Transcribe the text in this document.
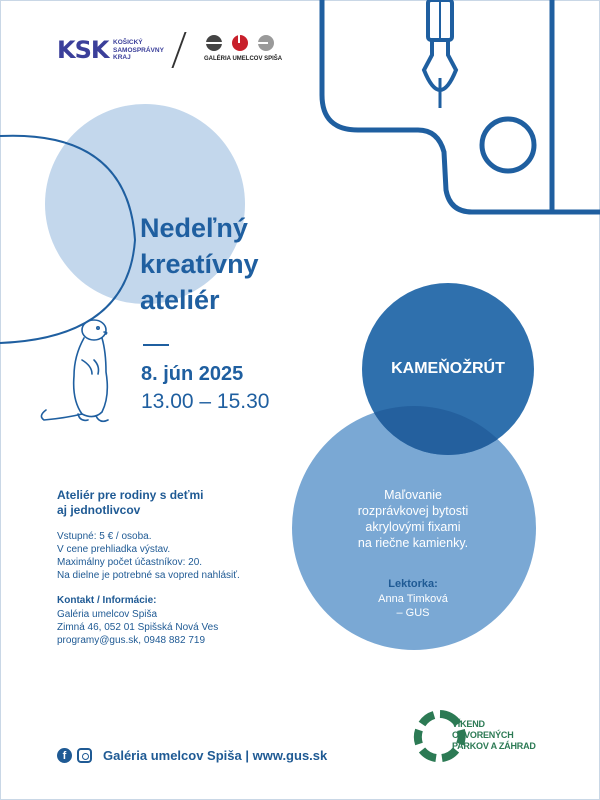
KSK KOŠICKÝ
SAMOSPRÁVNY
KRAJ	GALÉRIA UMELCOV SPIŠA
Nedeľný
kreatívny
ateliér
8. jún 2025
13.00 – 15.30
KAMEŇOŽRÚT
Maľovanie
rozprávkovej bytosti
akrylovými fixami
na riečne kamienky.
Lektorka:
Anna Timková
– GUS
Ateliér pre rodiny s deťmi
aj jednotlivcov
Vstupné: 5 € / osoba.
V cene prehliadka výstav.
Maximálny počet účastníkov: 20.
Na dielne je potrebné sa vopred nahlásiť.
Kontakt / Informácie:
Galéria umelcov Spiša
Zimná 46, 052 01 Spišská Nová Ves
programy@gus.sk, 0948 882 719
f	Galéria umelcov Spiša | www.gus.sk
VÍKEND
OTVORENÝCH
PARKOV A ZÁHRAD
